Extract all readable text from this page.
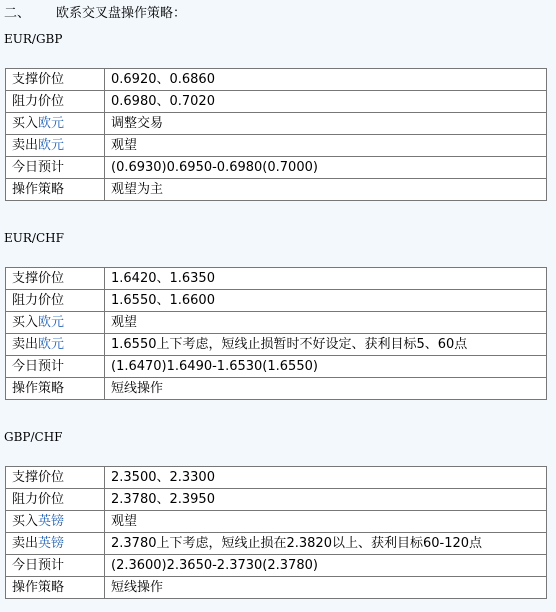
二、 欧系交叉盘操作策略：
EUR/GBP
支撑价位	0.6920、0.6860
阻力价位	0.6980、0.7020
买入欧元	调整交易
卖出欧元	观望
今日预计	(0.6930)0.6950-0.6980(0.7000)
操作策略	观望为主
EUR/CHF
支撑价位	1.6420、1.6350
阻力价位	1.6550、1.6600
买入欧元	观望
卖出欧元	1.6550上下考虑，短线止损暂时不好设定、获利目标5、60点
今日预计	(1.6470)1.6490-1.6530(1.6550)
操作策略	短线操作
GBP/CHF
支撑价位	2.3500、2.3300
阻力价位	2.3780、2.3950
买入英镑	观望
卖出英镑	2.3780上下考虑，短线止损在2.3820以上、获利目标60-120点
今日预计	(2.3600)2.3650-2.3730(2.3780)
操作策略	短线操作
